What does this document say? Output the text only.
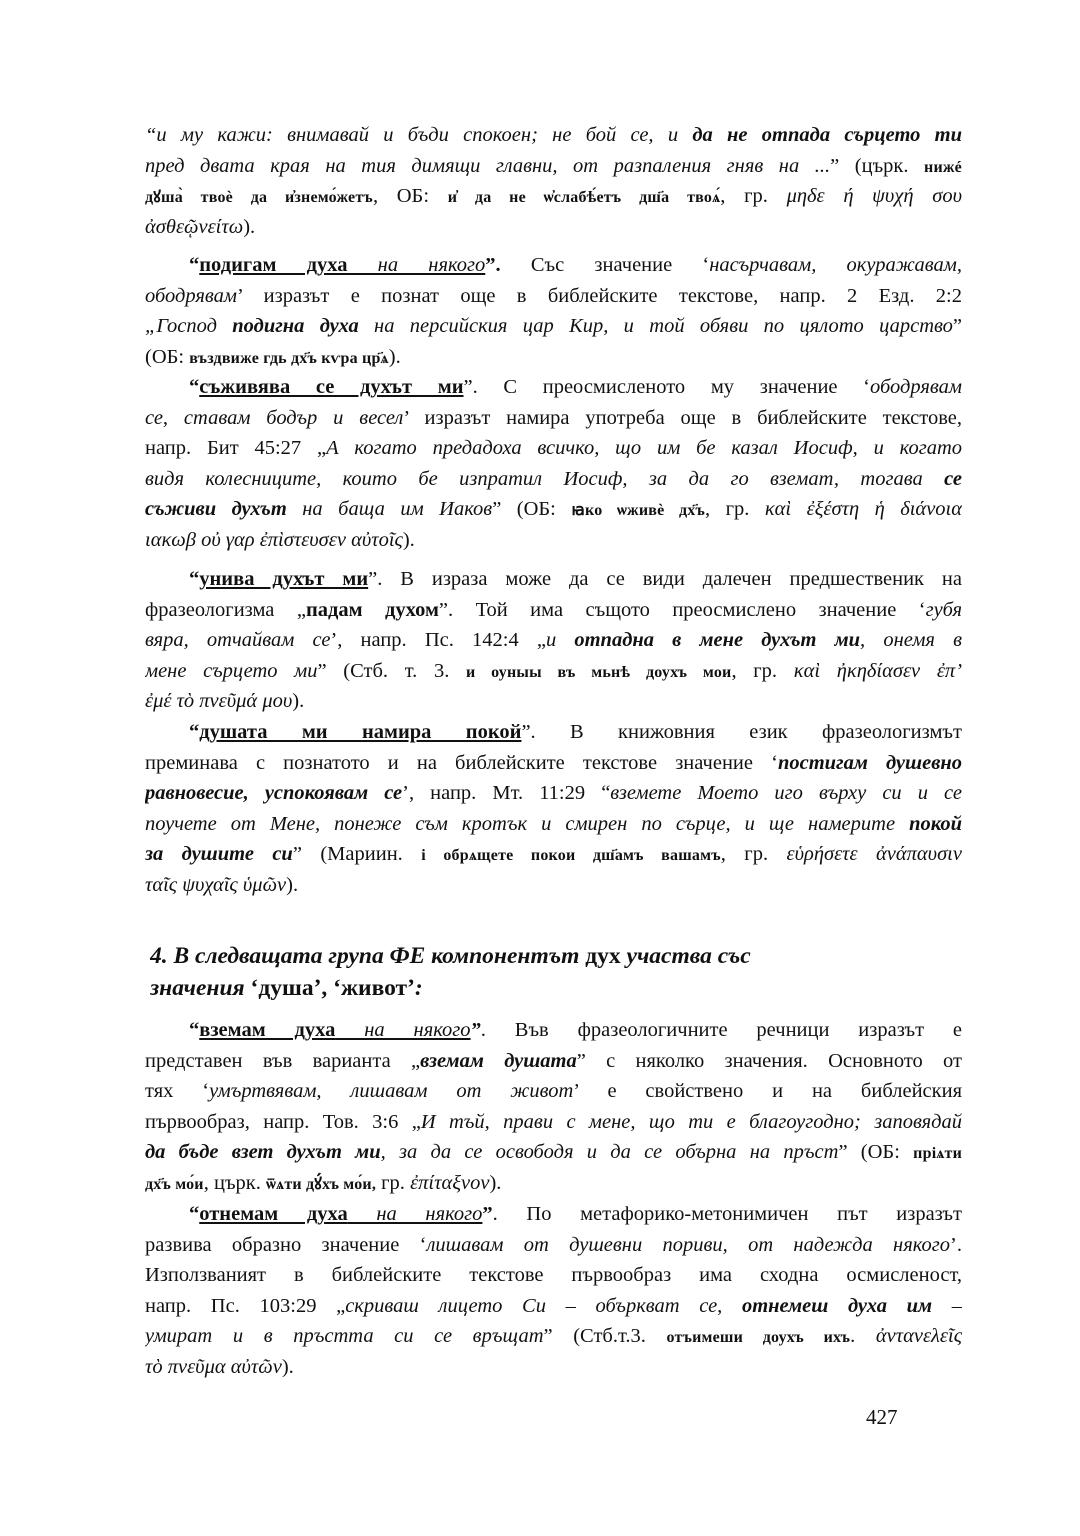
“и му кажи: внимавай и бъди спокоен; не бой се, и да не отпада сърцето ти
пред двата края на тия димящи главни, от разпаления гняв на ...” (църк. нижé
дꙋша̀ твоѐ да и҆знемо́жетъ, ОБ: и҆ да не ѡ҆слабѣ́етъ дш҃а твоѧ́, гр. μηδε ή ψυχή σου
ἀσθεῷνείτω).
“подигам духа на някого”. Със значение ‘насърчавам, окуражавам,
ободрявам’ изразът е познат още в библейските текстове, напр. 2 Езд. 2:2
„Господ подигна духа на персийския цар Кир, и той обяви по цялото царство”
(ОБ: въздвиже гдь дх҃ъ кѵра цр҃ѧ).
“съживява се духът ми”. С преосмисленото му значение ‘ободрявам
се, ставам бодър и весел’ изразът намира употреба още в библейските текстове,
напр. Бит 45:27 „А когато предадоха всичко, що им бе казал Иосиф, и когато
видя колесниците, които бе изпратил Иосиф, за да го вземат, тогава се
съживи духът на баща им Иаков” (ОБ: ꙗко ѡживѐ дх҃ъ, гр. καὶ ἐξέστη ἡ διάνοια
ιακωβ οὐ γαρ ἐπὶστευσεν αὐτοῖς).
“унива духът ми”. В израза може да се види далечен предшественик на
фразеологизма „падам духом”. Той има същото преосмислено значение ‘губя
вяра, отчайвам се’, напр. Пс. 142:4 „и отпадна в мене духът ми, онемя в
мене сърцето ми” (Стб. т. 3. и оуныы въ мьнѣ доухъ мои, гр. καὶ ἠκηδίασεν ἐπ’
ἐμέ τὸ πνεῦμά μου).
“душата ми намира покой”. В книжовния език фразеологизмът
преминава с познатото и на библейските текстове значение ‘постигам душевно
равновесие, успокоявам се’, напр. Мт. 11:29 “вземете Моето иго върху си и се
поучете от Мене, понеже съм кротък и смирен по сърце, и ще намерите покой
за душите си” (Мариин. і обрѧщете покои дш҃амъ вашамъ, гр. εὑρήσετε ἀνάπαυσιν
ταῖς ψυχαῖς ὑμῶν).
4. В следващата група ФЕ компонентът дух участва със
значения ‘душа’, ‘живот’:
“вземам духа на някого”. Във фразеологичните речници изразът е
представен във варианта „вземам душата” с няколко значения. Основното от
тях ‘умъртвявам, лишавам от живот’ е свойствено и на библейския
първообраз, напр. Тов. 3:6 „И тъй, прави с мене, що ти е благоугодно; заповядай
да бъде взет духът ми, за да се освободя и да се обърна на пръст” (ОБ: пріѧти
дх҃ъ мо́и, църк. ѿѧти дꙋ́хъ мо́и, гр. ἐπίταξνον).
“отнемам духа на някого”. По метафорико-метонимичен път изразът
развива образно значение ‘лишавам от душевни пориви, от надежда някого’.
Използваният в библейските текстове първообраз има сходна осмисленост,
напр. Пс. 103:29 „скриваш лицето Си – объркват се, отнемеш духа им –
умират и в пръстта си се връщат” (Стб.т.3. отъимеши доухъ ихъ. ἀντανελεῖς
τὸ πνεῦμα αὐτῶν).
427
